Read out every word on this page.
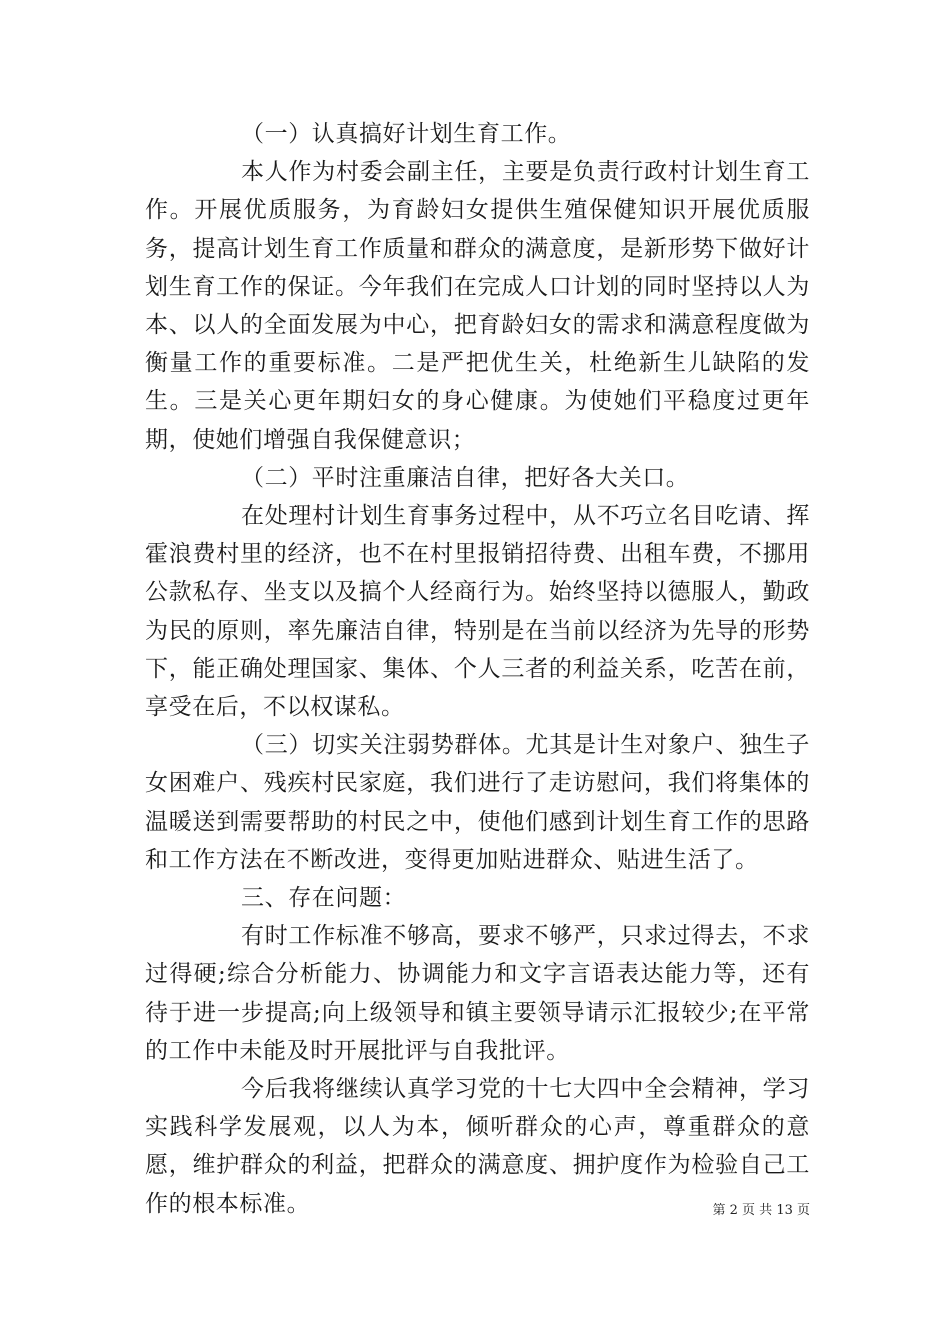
（一）认真搞好计划生育工作。

本人作为村委会副主任，主要是负责行政村计划生育工作。开展优质服务，为育龄妇女提供生殖保健知识开展优质服务，提高计划生育工作质量和群众的满意度，是新形势下做好计划生育工作的保证。今年我们在完成人口计划的同时坚持以人为本、以人的全面发展为中心，把育龄妇女的需求和满意程度做为衡量工作的重要标准。二是严把优生关，杜绝新生儿缺陷的发生。三是关心更年期妇女的身心健康。为使她们平稳度过更年期，使她们增强自我保健意识；

（二）平时注重廉洁自律，把好各大关口。

在处理村计划生育事务过程中，从不巧立名目吃请、挥霍浪费村里的经济，也不在村里报销招待费、出租车费，不挪用公款私存、坐支以及搞个人经商行为。始终坚持以德服人，勤政为民的原则，率先廉洁自律，特别是在当前以经济为先导的形势下，能正确处理国家、集体、个人三者的利益关系，吃苦在前，享受在后，不以权谋私。

（三）切实关注弱势群体。尤其是计生对象户、独生子女困难户、残疾村民家庭，我们进行了走访慰问，我们将集体的温暖送到需要帮助的村民之中，使他们感到计划生育工作的思路和工作方法在不断改进，变得更加贴进群众、贴进生活了。

三、存在问题：

有时工作标准不够高，要求不够严，只求过得去，不求过得硬;综合分析能力、协调能力和文字言语表达能力等，还有待于进一步提高;向上级领导和镇主要领导请示汇报较少;在平常的工作中未能及时开展批评与自我批评。

今后我将继续认真学习党的十七大四中全会精神，学习实践科学发展观，以人为本，倾听群众的心声，尊重群众的意愿，维护群众的利益，把群众的满意度、拥护度作为检验自己工作的根本标准。	第 2 页 共 13 页
